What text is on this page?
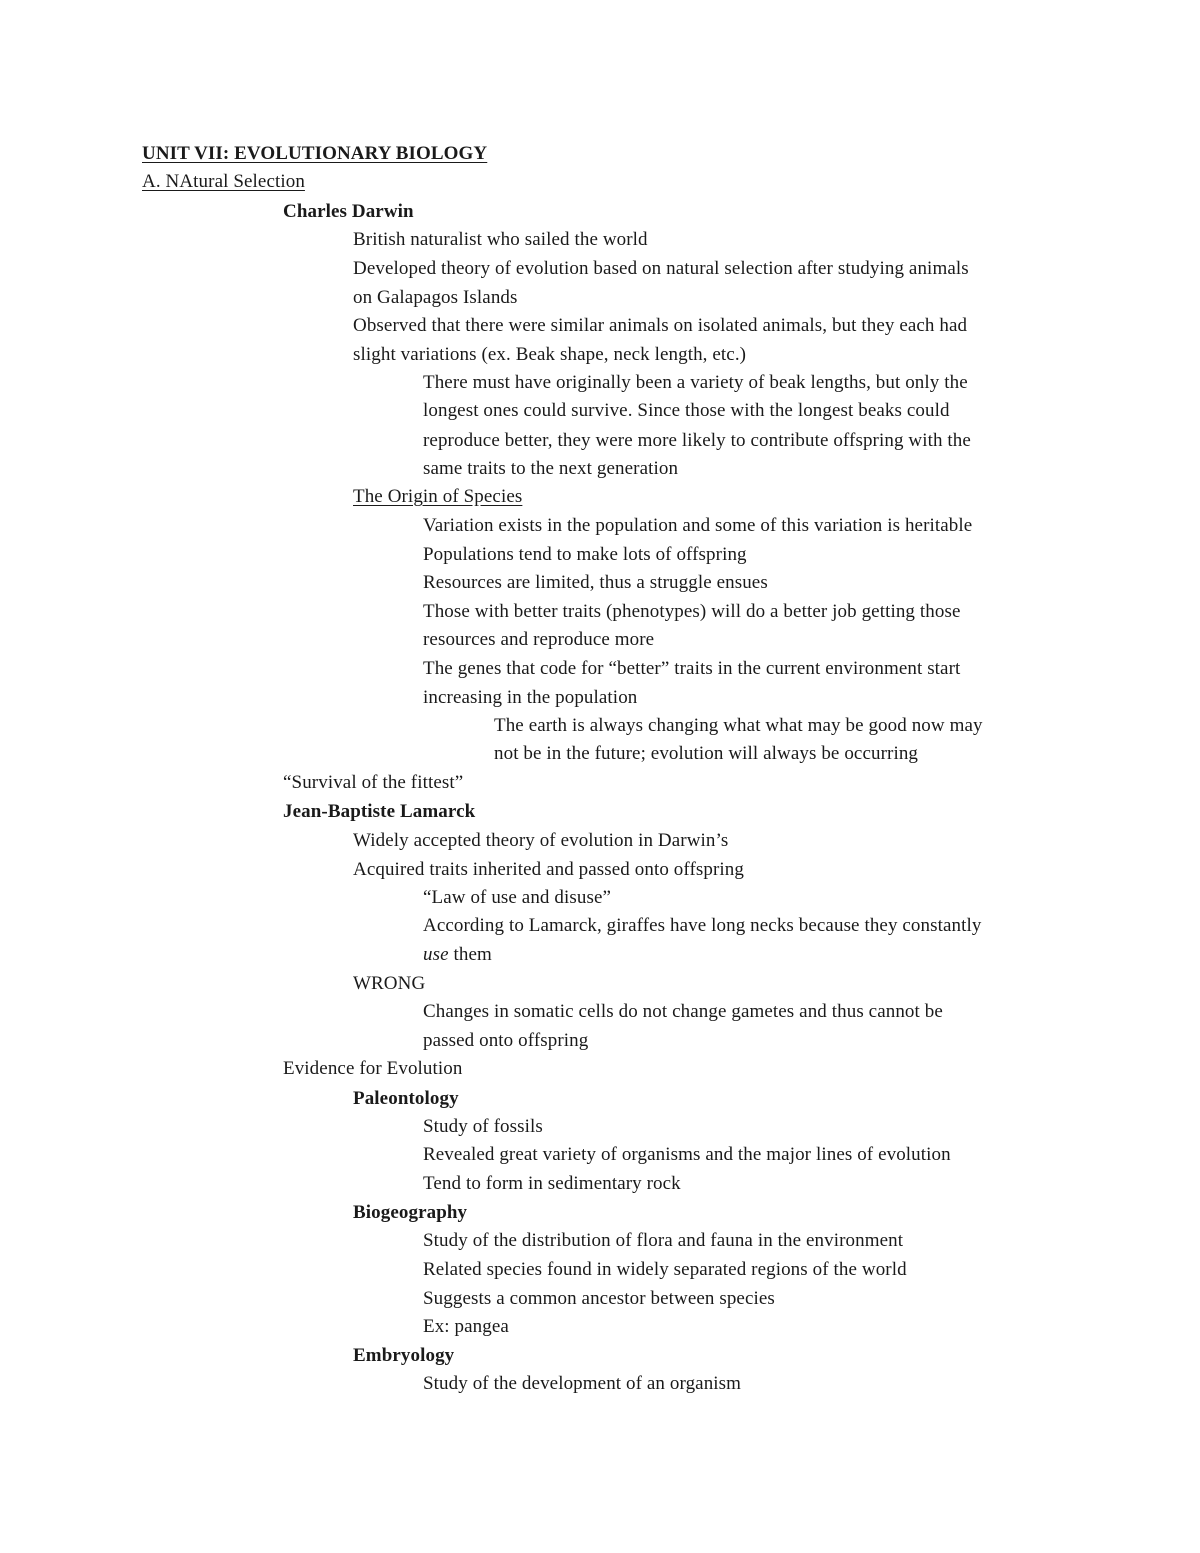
UNIT VII: EVOLUTIONARY BIOLOGY
A. NAtural Selection
Charles Darwin
British naturalist who sailed the world
Developed theory of evolution based on natural selection after studying animals
on Galapagos Islands
Observed that there were similar animals on isolated animals, but they each had
slight variations (ex. Beak shape, neck length, etc.)
There must have originally been a variety of beak lengths, but only the
longest ones could survive. Since those with the longest beaks could
reproduce better, they were more likely to contribute offspring with the
same traits to the next generation
The Origin of Species
Variation exists in the population and some of this variation is heritable
Populations tend to make lots of offspring
Resources are limited, thus a struggle ensues
Those with better traits (phenotypes) will do a better job getting those
resources and reproduce more
The genes that code for “better” traits in the current environment start
increasing in the population
The earth is always changing what what may be good now may
not be in the future; evolution will always be occurring
“Survival of the fittest”
Jean-Baptiste Lamarck
Widely accepted theory of evolution in Darwin’s
Acquired traits inherited and passed onto offspring
“Law of use and disuse”
According to Lamarck, giraffes have long necks because they constantly
use them
WRONG
Changes in somatic cells do not change gametes and thus cannot be
passed onto offspring
Evidence for Evolution
Paleontology
Study of fossils
Revealed great variety of organisms and the major lines of evolution
Tend to form in sedimentary rock
Biogeography
Study of the distribution of flora and fauna in the environment
Related species found in widely separated regions of the world
Suggests a common ancestor between species
Ex: pangea
Embryology
Study of the development of an organism
